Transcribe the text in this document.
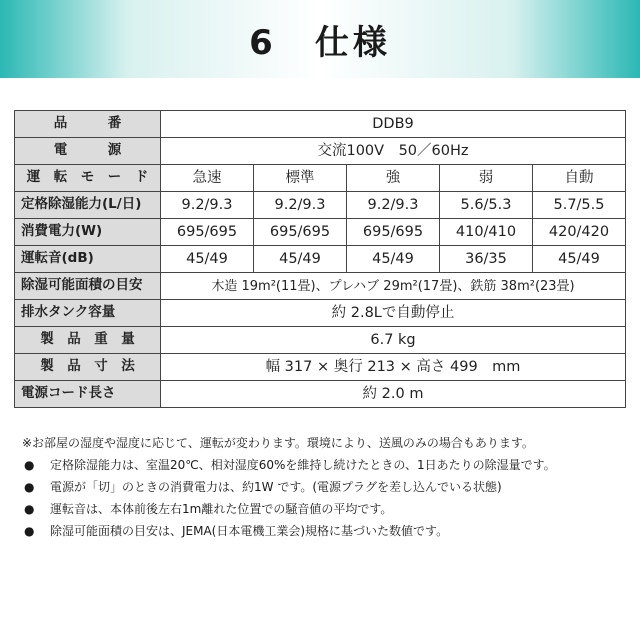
6　仕様
品　　　番	DDB9				
電　　　源	交流100V　50／60Hz				
運　転　モ　ー　ド	急速	標準	強	弱	自動
定格除湿能力(L/日)	9.2/9.3	9.2/9.3	9.2/9.3	5.6/5.3	5.7/5.5
消費電力(W)	695/695	695/695	695/695	410/410	420/420
運転音(dB)	45/49	45/49	45/49	36/35	45/49
除湿可能面積の目安	木造 19m²(11畳)、プレハブ 29m²(17畳)、鉄筋 38m²(23畳)				
排水タンク容量	約 2.8Lで自動停止				
製　品　重　量	6.7 kg				
製　品　寸　法	幅 317 × 奥行 213 × 高さ 499　mm				
電源コード長さ	約 2.0 m				

※お部屋の湿度や湿度に応じて、運転が変わります。環境により、送風のみの場合もあります。

●	定格除湿能力は、室温20℃、相対湿度60%を維持し続けたときの、1日あたりの除湿量です。
●	電源が「切」のときの消費電力は、約1W です。(電源プラグを差し込んでいる状態)
●	運転音は、本体前後左右1m離れた位置での騒音値の平均です。
●	除湿可能面積の目安は、JEMA(日本電機工業会)規格に基づいた数値です。
